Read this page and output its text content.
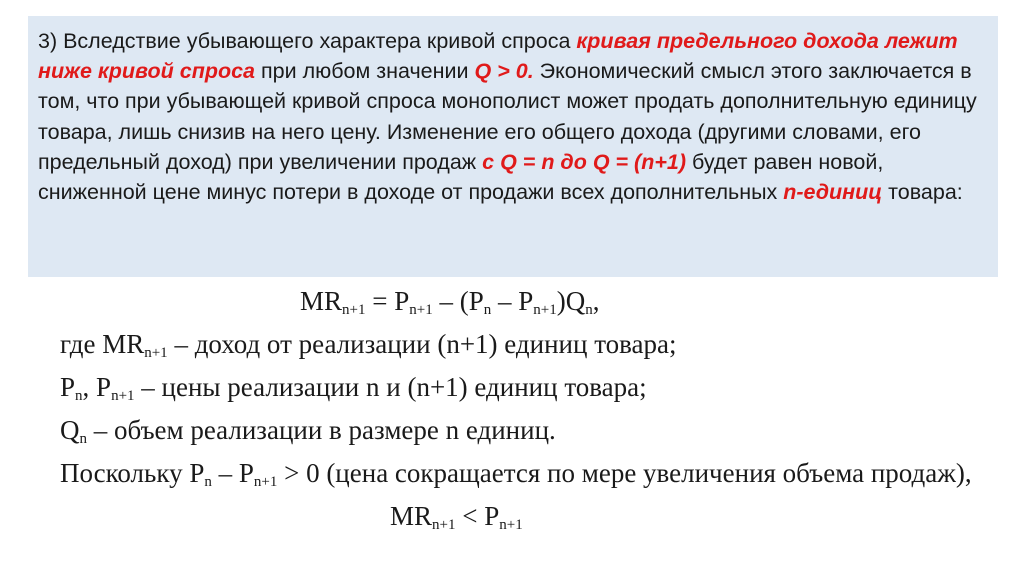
3) Вследствие убывающего характера кривой спроса кривая предельного дохода лежит ниже кривой спроса при любом значении Q > 0. Экономический смысл этого заключается в том, что при убывающей кривой спроса монополист может продать дополнительную единицу товара, лишь снизив на него цену. Изменение его общего дохода (другими словами, его предельный доход) при увеличении продаж с Q = n до Q = (n+1) будет равен новой, сниженной цене минус потери в доходе от продажи всех дополнительных n-единиц товара:

$MR_{n+1} = P_{n+1} - (P_n - P_{n+1})Q_n$,
где $MR_{n+1}$ – доход от реализации (n+1) единиц товара;
$P_n$, $P_{n+1}$ – цены реализации n и (n+1) единиц товара;
$Q_n$ – объем реализации в размере n единиц.
Поскольку $P_n - P_{n+1} > 0$ (цена сокращается по мере увеличения объема продаж),
$MR_{n+1} < P_{n+1}$
